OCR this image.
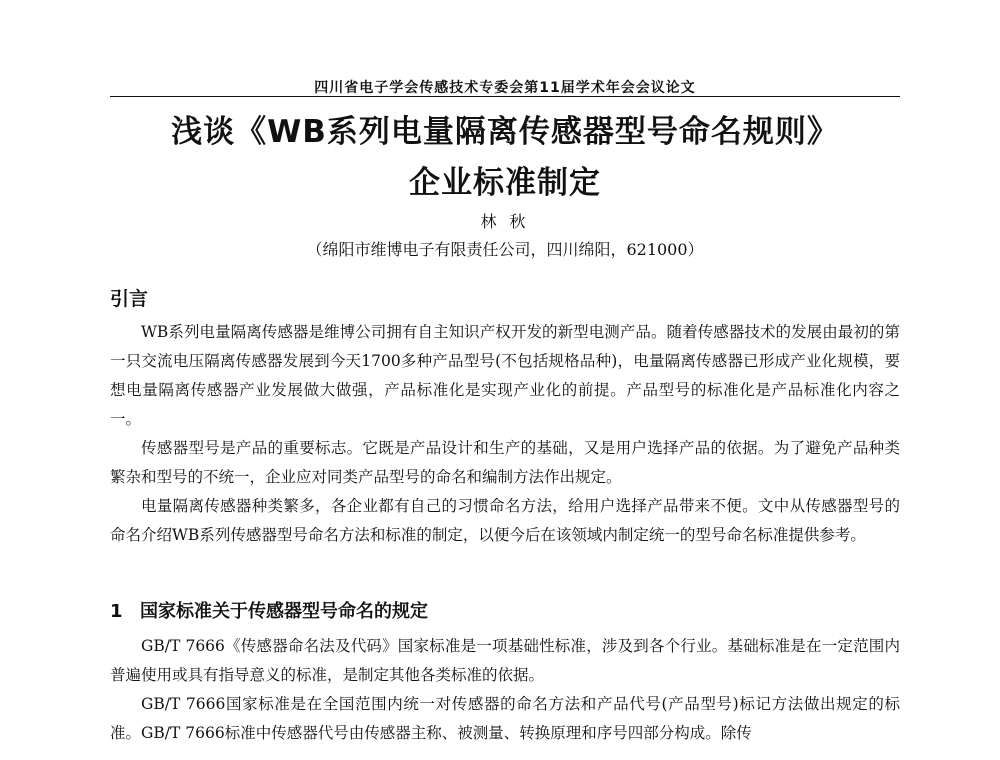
四川省电子学会传感技术专委会第11届学术年会会议论文
浅谈《WB系列电量隔离传感器型号命名规则》
企业标准制定
林 秋
（绵阳市维博电子有限责任公司，四川绵阳，621000）
引言
WB系列电量隔离传感器是维博公司拥有自主知识产权开发的新型电测产品。随着传感器技术的发展由最初的第一只交流电压隔离传感器发展到今天1700多种产品型号(不包括规格品种)，电量隔离传感器已形成产业化规模，要想电量隔离传感器产业发展做大做强，产品标准化是实现产业化的前提。产品型号的标准化是产品标准化内容之一。
传感器型号是产品的重要标志。它既是产品设计和生产的基础，又是用户选择产品的依据。为了避免产品种类繁杂和型号的不统一，企业应对同类产品型号的命名和编制方法作出规定。
电量隔离传感器种类繁多，各企业都有自己的习惯命名方法，给用户选择产品带来不便。文中从传感器型号的命名介绍WB系列传感器型号命名方法和标准的制定，以便今后在该领域内制定统一的型号命名标准提供参考。
1 国家标准关于传感器型号命名的规定
GB/T 7666《传感器命名法及代码》国家标准是一项基础性标准，涉及到各个行业。基础标准是在一定范围内普遍使用或具有指导意义的标准，是制定其他各类标准的依据。
GB/T 7666国家标准是在全国范围内统一对传感器的命名方法和产品代号(产品型号)标记方法做出规定的标准。GB/T 7666标准中传感器代号由传感器主称、被测量、转换原理和序号四部分构成。除传
